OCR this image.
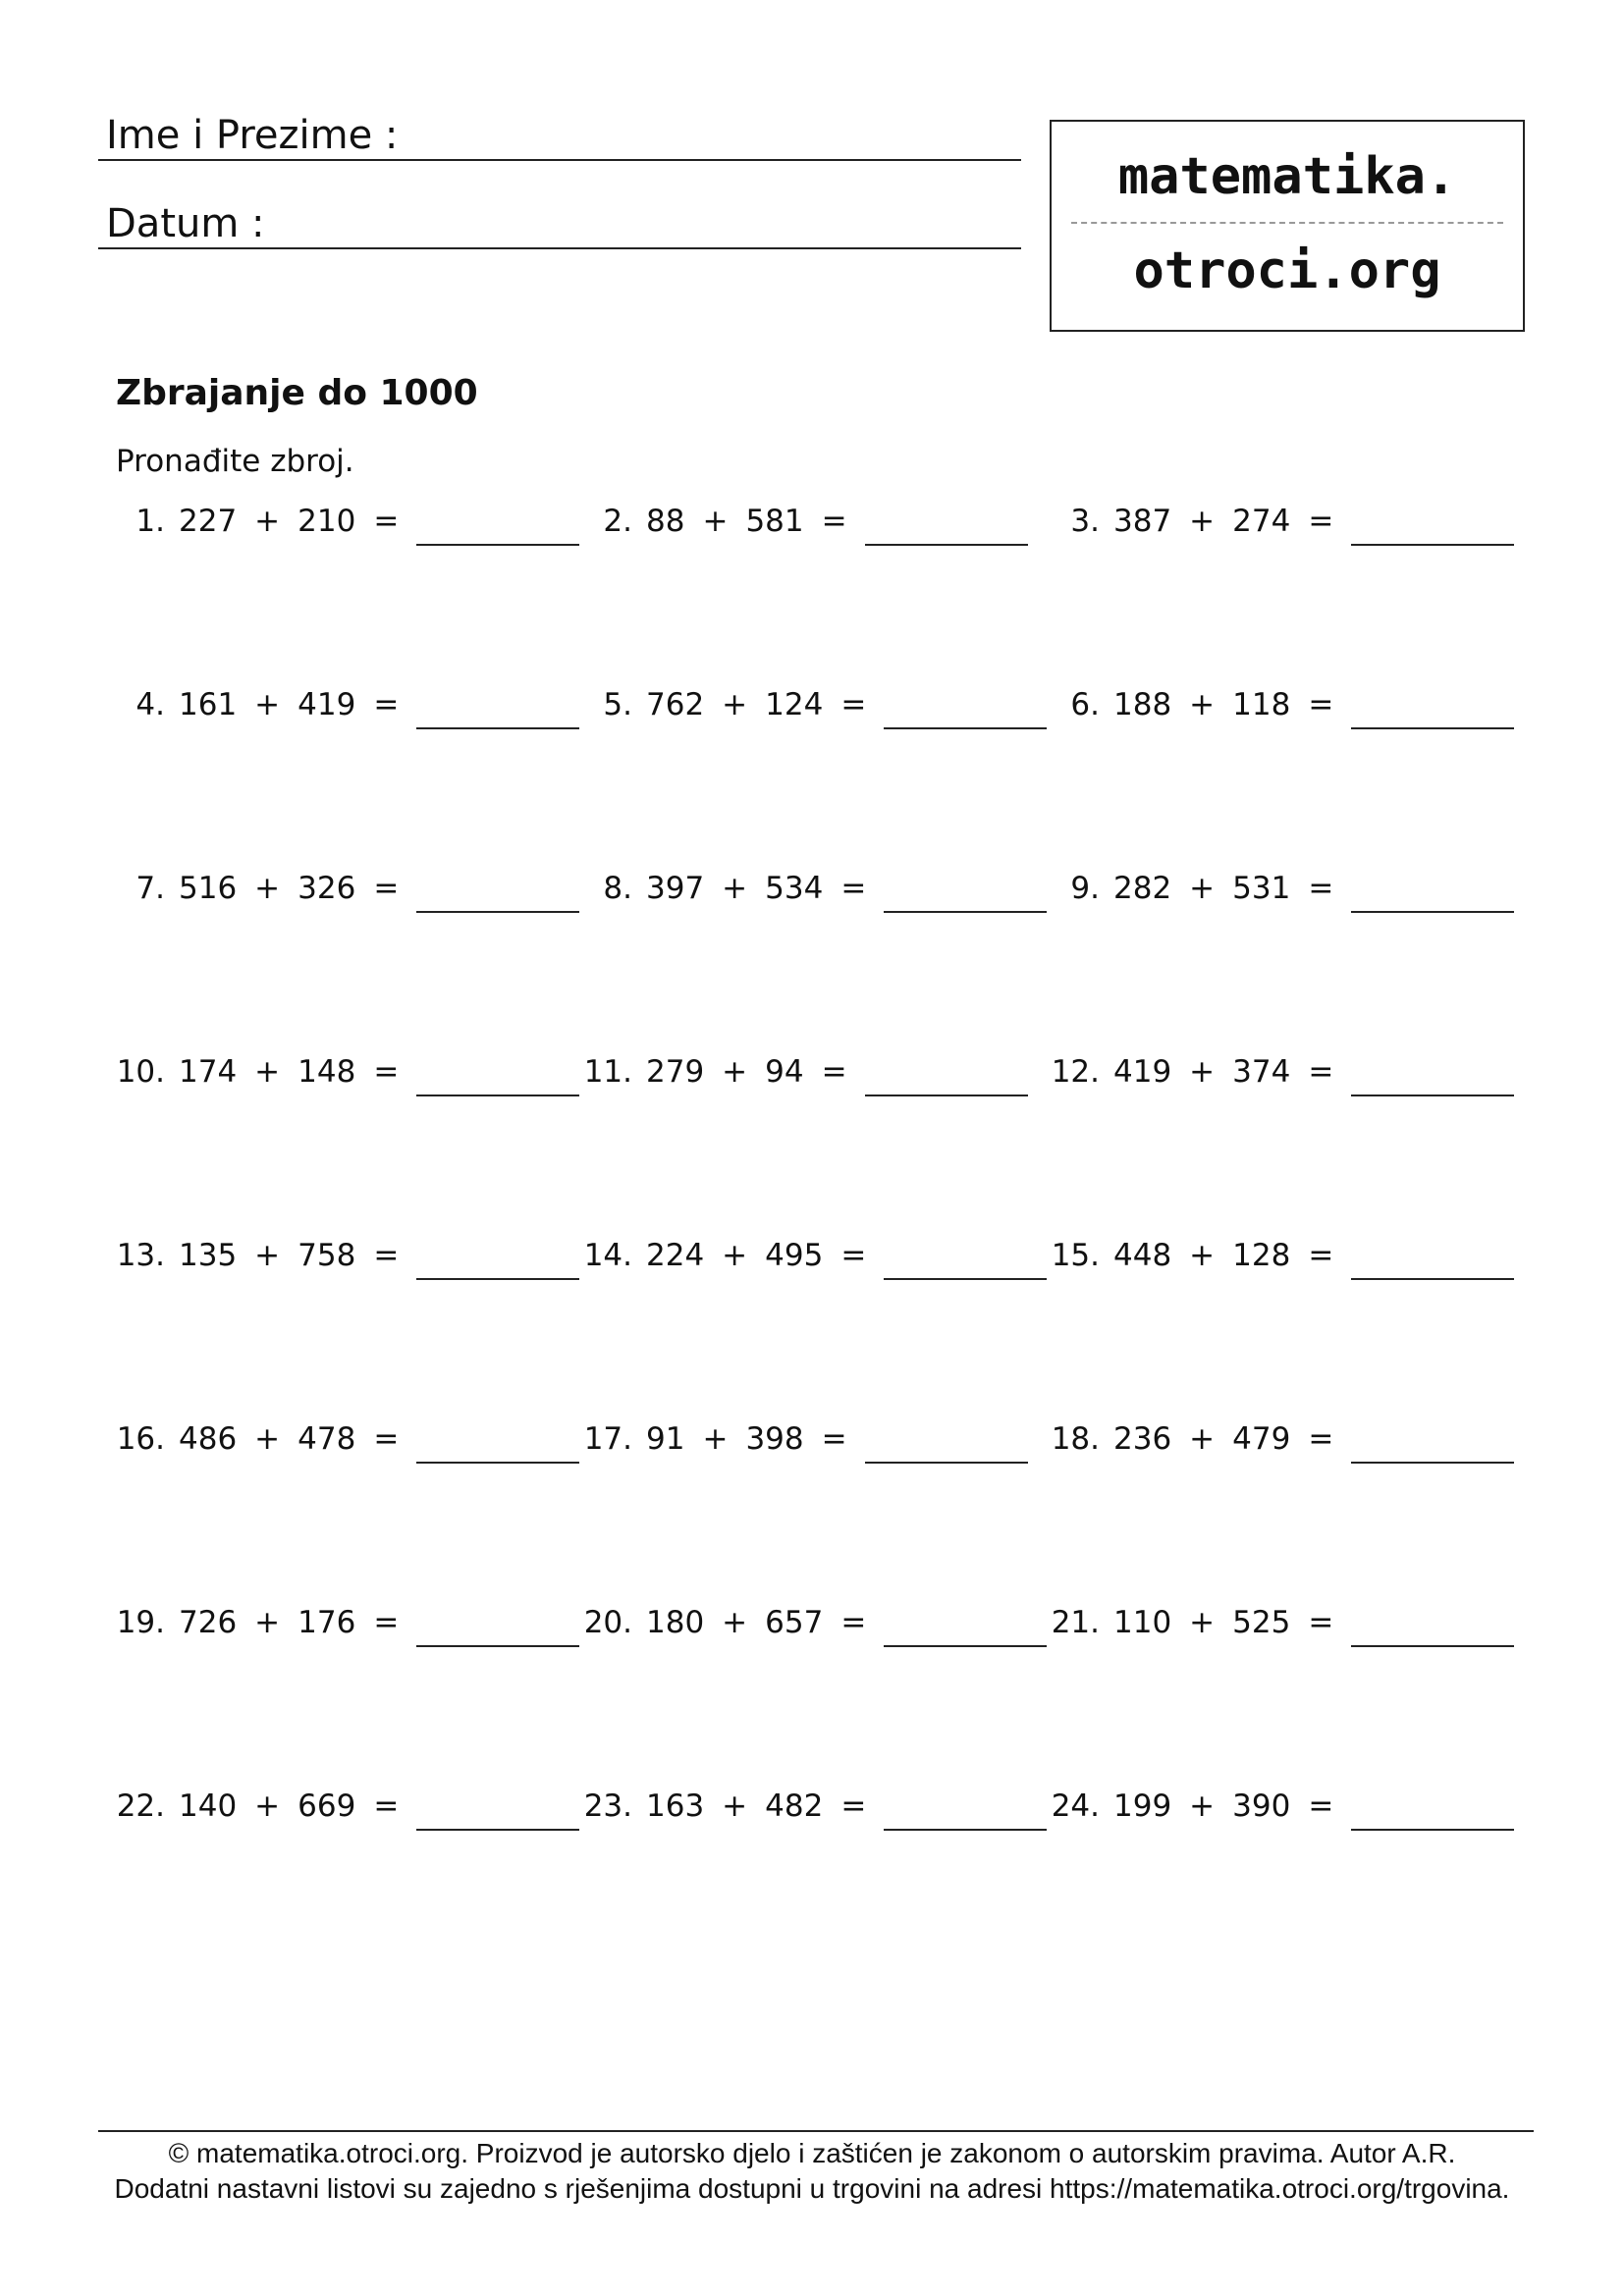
Ime i Prezime :
Datum :
matematika.
otroci.org
Zbrajanje do 1000
Pronađite zbroj.
1. 227 + 210 =	2. 88 + 581 =	3. 387 + 274 =
4. 161 + 419 =	5. 762 + 124 =	6. 188 + 118 =
7. 516 + 326 =	8. 397 + 534 =	9. 282 + 531 =
10. 174 + 148 =	11. 279 + 94 =	12. 419 + 374 =
13. 135 + 758 =	14. 224 + 495 =	15. 448 + 128 =
16. 486 + 478 =	17. 91 + 398 =	18. 236 + 479 =
19. 726 + 176 =	20. 180 + 657 =	21. 110 + 525 =
22. 140 + 669 =	23. 163 + 482 =	24. 199 + 390 =
© matematika.otroci.org. Proizvod je autorsko djelo i zaštićen je zakonom o autorskim pravima. Autor A.R.
Dodatni nastavni listovi su zajedno s rješenjima dostupni u trgovini na adresi https://matematika.otroci.org/trgovina.
